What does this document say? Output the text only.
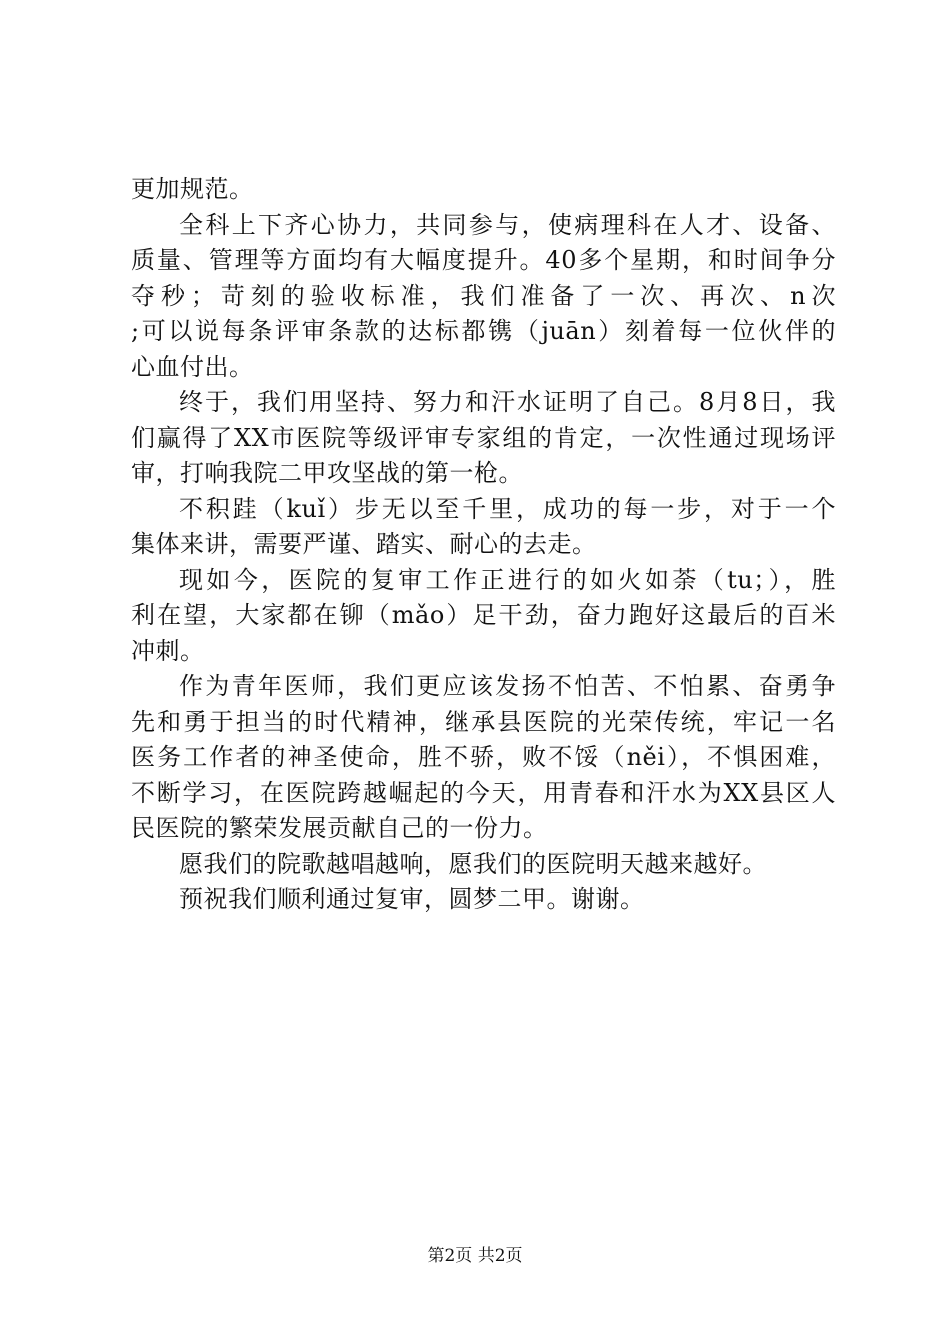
更加规范。
全科上下齐心协力，共同参与，使病理科在人才、设备、
质量、管理等方面均有大幅度提升。40多个星期，和时间争分
夺秒；苛刻的验收标准，我们准备了一次、再次、n次
;可以说每条评审条款的达标都镌（juān）刻着每一位伙伴的
心血付出。
终于，我们用坚持、努力和汗水证明了自己。8月8日，我
们赢得了XX市医院等级评审专家组的肯定，一次性通过现场评
审，打响我院二甲攻坚战的第一枪。
不积跬（kuǐ）步无以至千里，成功的每一步，对于一个
集体来讲，需要严谨、踏实、耐心的去走。
现如今，医院的复审工作正进行的如火如荼（tu；），胜
利在望，大家都在铆（mǎo）足干劲，奋力跑好这最后的百米
冲刺。
作为青年医师，我们更应该发扬不怕苦、不怕累、奋勇争
先和勇于担当的时代精神，继承县医院的光荣传统，牢记一名
医务工作者的神圣使命，胜不骄，败不馁（něi），不惧困难，
不断学习，在医院跨越崛起的今天，用青春和汗水为XX县区人
民医院的繁荣发展贡献自己的一份力。
愿我们的院歌越唱越响，愿我们的医院明天越来越好。
预祝我们顺利通过复审，圆梦二甲。谢谢。
第2页 共2页
